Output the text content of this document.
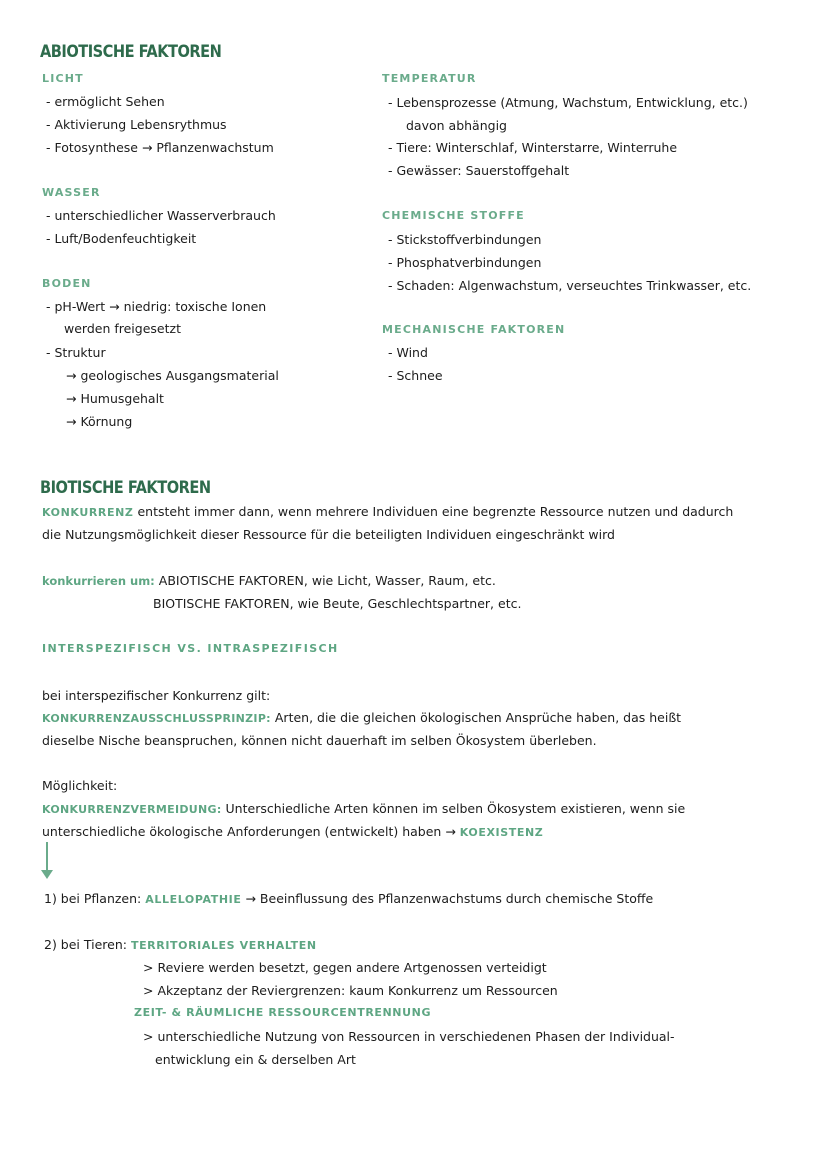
ABIOTISCHE FAKTOREN
LICHT
- ermöglicht Sehen
- Aktivierung Lebensrythmus
- Fotosynthese → Pflanzenwachstum
WASSER
- unterschiedlicher Wasserverbrauch
- Luft/Bodenfeuchtigkeit
BODEN
- pH-Wert → niedrig: toxische Ionen
werden freigesetzt
- Struktur
→ geologisches Ausgangsmaterial
→ Humusgehalt
→ Körnung
TEMPERATUR
- Lebensprozesse (Atmung, Wachstum, Entwicklung, etc.)
davon abhängig
- Tiere: Winterschlaf, Winterstarre, Winterruhe
- Gewässer: Sauerstoffgehalt
CHEMISCHE STOFFE
- Stickstoffverbindungen
- Phosphatverbindungen
- Schaden: Algenwachstum, verseuchtes Trinkwasser, etc.
MECHANISCHE FAKTOREN
- Wind
- Schnee
BIOTISCHE FAKTOREN
KONKURRENZ entsteht immer dann, wenn mehrere Individuen eine begrenzte Ressource nutzen und dadurch
die Nutzungsmöglichkeit dieser Ressource für die beteiligten Individuen eingeschränkt wird
konkurrieren um: ABIOTISCHE FAKTOREN, wie Licht, Wasser, Raum, etc.
BIOTISCHE FAKTOREN, wie Beute, Geschlechtspartner, etc.
INTERSPEZIFISCH VS. INTRASPEZIFISCH
bei interspezifischer Konkurrenz gilt:
KONKURRENZAUSSCHLUSSPRINZIP: Arten, die die gleichen ökologischen Ansprüche haben, das heißt
dieselbe Nische beanspruchen, können nicht dauerhaft im selben Ökosystem überleben.
Möglichkeit:
KONKURRENZVERMEIDUNG: Unterschiedliche Arten können im selben Ökosystem existieren, wenn sie
unterschiedliche ökologische Anforderungen (entwickelt) haben → KOEXISTENZ
1) bei Pflanzen: ALLELOPATHIE → Beeinflussung des Pflanzenwachstums durch chemische Stoffe
2) bei Tieren: TERRITORIALES VERHALTEN
> Reviere werden besetzt, gegen andere Artgenossen verteidigt
> Akzeptanz der Reviergrenzen: kaum Konkurrenz um Ressourcen
ZEIT- & RÄUMLICHE RESSOURCENTRENNUNG
> unterschiedliche Nutzung von Ressourcen in verschiedenen Phasen der Individual-
entwicklung ein & derselben Art
